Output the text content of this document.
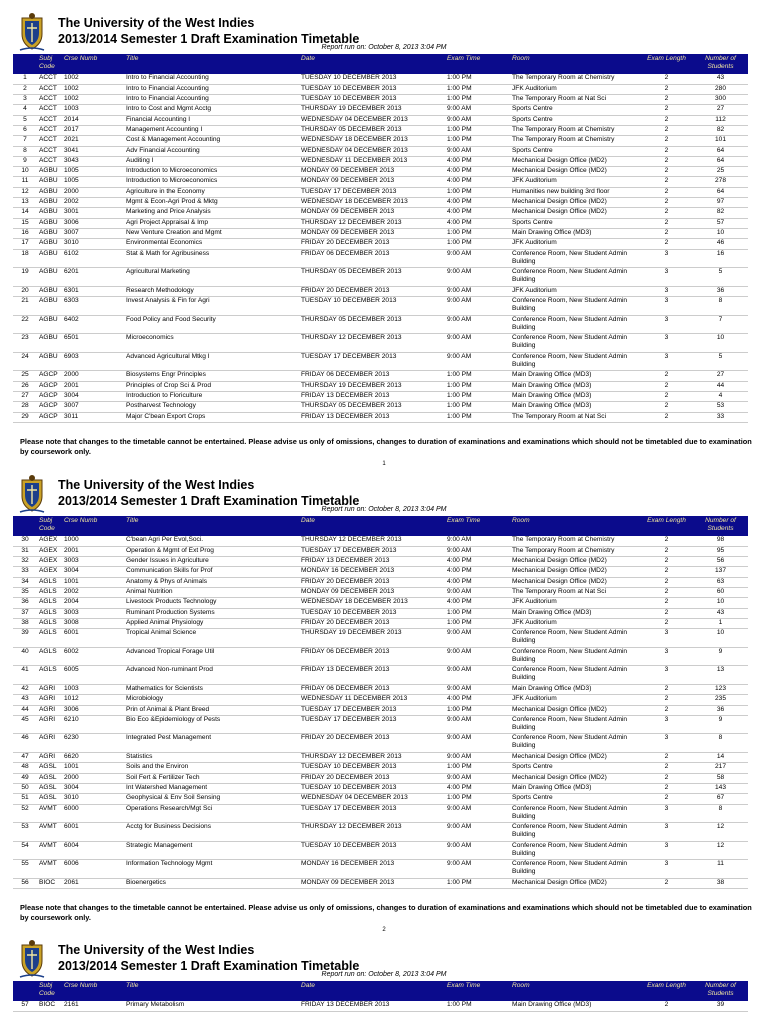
The University of the West Indies
2013/2014 Semester 1 Draft Examination Timetable
Report run on: October 8, 2013 3:04 PM
	Subj Code	Crse Numb	Title	Date	Exam Time	Room	Exam Length	Number of Students
1	ACCT	1002	Intro to Financial Accounting	TUESDAY 10 DECEMBER 2013	1:00 PM	The Temporary Room at Chemistry	2	43
2	ACCT	1002	Intro to Financial Accounting	TUESDAY 10 DECEMBER 2013	1:00 PM	JFK Auditorium	2	280
3	ACCT	1002	Intro to Financial Accounting	TUESDAY 10 DECEMBER 2013	1:00 PM	The Temporary Room at Nat Sci	2	300
4	ACCT	1003	Intro to Cost and Mgmt Acctg	THURSDAY 19 DECEMBER 2013	9:00 AM	Sports Centre	2	27
5	ACCT	2014	Financial Accounting I	WEDNESDAY 04 DECEMBER 2013	9:00 AM	Sports Centre	2	112
6	ACCT	2017	Management Accounting I	THURSDAY 05 DECEMBER 2013	1:00 PM	The Temporary Room at Chemistry	2	82
7	ACCT	2021	Cost & Management Accounting	WEDNESDAY 18 DECEMBER 2013	1:00 PM	The Temporary Room at Chemistry	2	101
8	ACCT	3041	Adv Financial Accounting	WEDNESDAY 04 DECEMBER 2013	9:00 AM	Sports Centre	2	64
9	ACCT	3043	Auditing I	WEDNESDAY 11 DECEMBER 2013	4:00 PM	Mechanical Design Office (MD2)	2	64
10	AGBU	1005	Introduction to Microeconomics	MONDAY 09 DECEMBER 2013	4:00 PM	Mechanical Design Office (MD2)	2	25
11	AGBU	1005	Introduction to Microeconomics	MONDAY 09 DECEMBER 2013	4:00 PM	JFK Auditorium	2	278
12	AGBU	2000	Agriculture in the Economy	TUESDAY 17 DECEMBER 2013	1:00 PM	Humanities new building 3rd floor	2	64
13	AGBU	2002	Mgmt & Econ-Agri Prod & Mktg	WEDNESDAY 18 DECEMBER 2013	4:00 PM	Mechanical Design Office (MD2)	2	97
14	AGBU	3001	Marketing and Price Analysis	MONDAY 09 DECEMBER 2013	4:00 PM	Mechanical Design Office (MD2)	2	82
15	AGBU	3006	Agri Project Appraisal & Imp	THURSDAY 12 DECEMBER 2013	4:00 PM	Sports Centre	2	57
16	AGBU	3007	New Venture Creation and Mgmt	MONDAY 09 DECEMBER 2013	1:00 PM	Main Drawing Office (MD3)	2	10
17	AGBU	3010	Environmental Economics	FRIDAY 20 DECEMBER 2013	1:00 PM	JFK Auditorium	2	46
18	AGBU	6102	Stat & Math for Agribusiness	FRIDAY 06 DECEMBER 2013	9:00 AM	Conference Room, New Student Admin Building	3	16
19	AGBU	6201	Agricultural Marketing	THURSDAY 05 DECEMBER 2013	9:00 AM	Conference Room, New Student Admin Building	3	5
20	AGBU	6301	Research Methodology	FRIDAY 20 DECEMBER 2013	9:00 AM	JFK Auditorium	3	36
21	AGBU	6303	Invest Analysis & Fin for Agri	TUESDAY 10 DECEMBER 2013	9:00 AM	Conference Room, New Student Admin Building	3	8
22	AGBU	6402	Food Policy and Food Security	THURSDAY 05 DECEMBER 2013	9:00 AM	Conference Room, New Student Admin Building	3	7
23	AGBU	6501	Microeconomics	THURSDAY 12 DECEMBER 2013	9:00 AM	Conference Room, New Student Admin Building	3	10
24	AGBU	6903	Advanced Agricultural Mtkg I	TUESDAY 17 DECEMBER 2013	9:00 AM	Conference Room, New Student Admin Building	3	5
25	AGCP	2000	Biosystems Engr Principles	FRIDAY 06 DECEMBER 2013	1:00 PM	Main Drawing Office (MD3)	2	27
26	AGCP	2001	Principles of Crop Sci & Prod	THURSDAY 19 DECEMBER 2013	1:00 PM	Main Drawing Office (MD3)	2	44
27	AGCP	3004	Introduction to Floriculture	FRIDAY 13 DECEMBER 2013	1:00 PM	Main Drawing Office (MD3)	2	4
28	AGCP	3007	Postharvest Technology	THURSDAY 05 DECEMBER 2013	1:00 PM	Main Drawing Office (MD3)	2	53
29	AGCP	3011	Major C'bean Export Crops	FRIDAY 13 DECEMBER 2013	1:00 PM	The Temporary Room at Nat Sci	2	33
Please note that changes to the timetable cannot be entertained. Please advise us only of omissions, changes to duration of examinations and examinations which should not be timetabled due to examination by coursework only.
1
The University of the West Indies
2013/2014 Semester 1 Draft Examination Timetable
Report run on: October 8, 2013 3:04 PM
	Subj Code	Crse Numb	Title	Date	Exam Time	Room	Exam Length	Number of Students
30	AGEX	1000	C'bean Agri Per Evol,Soci.	THURSDAY 12 DECEMBER 2013	9:00 AM	The Temporary Room at Chemistry	2	98
31	AGEX	2001	Operation & Mgmt of Ext Prog	TUESDAY 17 DECEMBER 2013	9:00 AM	The Temporary Room at Chemistry	2	95
32	AGEX	3003	Gender Issues in Agriculture	FRIDAY 13 DECEMBER 2013	4:00 PM	Mechanical Design Office (MD2)	2	56
33	AGEX	3004	Communication Skills for Prof	MONDAY 16 DECEMBER 2013	4:00 PM	Mechanical Design Office (MD2)	2	137
34	AGLS	1001	Anatomy & Phys of Animals	FRIDAY 20 DECEMBER 2013	4:00 PM	Mechanical Design Office (MD2)	2	63
35	AGLS	2002	Animal Nutrition	MONDAY 09 DECEMBER 2013	9:00 AM	The Temporary Room at Nat Sci	2	60
36	AGLS	2004	Livestock Products Technology	WEDNESDAY 18 DECEMBER 2013	4:00 PM	JFK Auditorium	2	10
37	AGLS	3003	Ruminant Production Systems	TUESDAY 10 DECEMBER 2013	1:00 PM	Main Drawing Office (MD3)	2	43
38	AGLS	3008	Applied Animal Physiology	FRIDAY 20 DECEMBER 2013	1:00 PM	JFK Auditorium	2	1
39	AGLS	6001	Tropical Animal Science	THURSDAY 19 DECEMBER 2013	9:00 AM	Conference Room, New Student Admin Building	3	10
40	AGLS	6002	Advanced Tropical Forage Util	FRIDAY 06 DECEMBER 2013	9:00 AM	Conference Room, New Student Admin Building	3	9
41	AGLS	6005	Advanced Non-ruminant Prod	FRIDAY 13 DECEMBER 2013	9:00 AM	Conference Room, New Student Admin Building	3	13
42	AGRI	1003	Mathematics for Scientists	FRIDAY 06 DECEMBER 2013	9:00 AM	Main Drawing Office (MD3)	2	123
43	AGRI	1012	Microbiology	WEDNESDAY 11 DECEMBER 2013	4:00 PM	JFK Auditorium	2	235
44	AGRI	3006	Prin of Animal & Plant Breed	TUESDAY 17 DECEMBER 2013	1:00 PM	Mechanical Design Office (MD2)	2	36
45	AGRI	6210	Bio Eco &Epidemiology of Pests	TUESDAY 17 DECEMBER 2013	9:00 AM	Conference Room, New Student Admin Building	3	9
46	AGRI	6230	Integrated Pest Management	FRIDAY 20 DECEMBER 2013	9:00 AM	Conference Room, New Student Admin Building	3	8
47	AGRI	6620	Statistics	THURSDAY 12 DECEMBER 2013	9:00 AM	Mechanical Design Office (MD2)	2	14
48	AGSL	1001	Soils and the Environ	TUESDAY 10 DECEMBER 2013	1:00 PM	Sports Centre	2	217
49	AGSL	2000	Soil Fert & Fertilizer Tech	FRIDAY 20 DECEMBER 2013	9:00 AM	Mechanical Design Office (MD2)	2	58
50	AGSL	3004	Int Watershed Management	TUESDAY 10 DECEMBER 2013	4:00 PM	Main Drawing Office (MD3)	2	143
51	AGSL	3010	Geophysical & Env Soil Sensing	WEDNESDAY 04 DECEMBER 2013	1:00 PM	Sports Centre	2	67
52	AVMT	6000	Operations Research/Mgt Sci	TUESDAY 17 DECEMBER 2013	9:00 AM	Conference Room, New Student Admin Building	3	8
53	AVMT	6001	Acctg for Business Decisions	THURSDAY 12 DECEMBER 2013	9:00 AM	Conference Room, New Student Admin Building	3	12
54	AVMT	6004	Strategic Management	TUESDAY 10 DECEMBER 2013	9:00 AM	Conference Room, New Student Admin Building	3	12
55	AVMT	6006	Information Technology Mgmt	MONDAY 16 DECEMBER 2013	9:00 AM	Conference Room, New Student Admin Building	3	11
56	BIOC	2061	Bioenergetics	MONDAY 09 DECEMBER 2013	1:00 PM	Mechanical Design Office (MD2)	2	38
Please note that changes to the timetable cannot be entertained. Please advise us only of omissions, changes to duration of examinations and examinations which should not be timetabled due to examination by coursework only.
2
The University of the West Indies
2013/2014 Semester 1 Draft Examination Timetable
Report run on: October 8, 2013 3:04 PM
	Subj Code	Crse Numb	Title	Date	Exam Time	Room	Exam Length	Number of Students
57	BIOC	2161	Primary Metabolism	FRIDAY 13 DECEMBER 2013	1:00 PM	Main Drawing Office (MD3)	2	39
